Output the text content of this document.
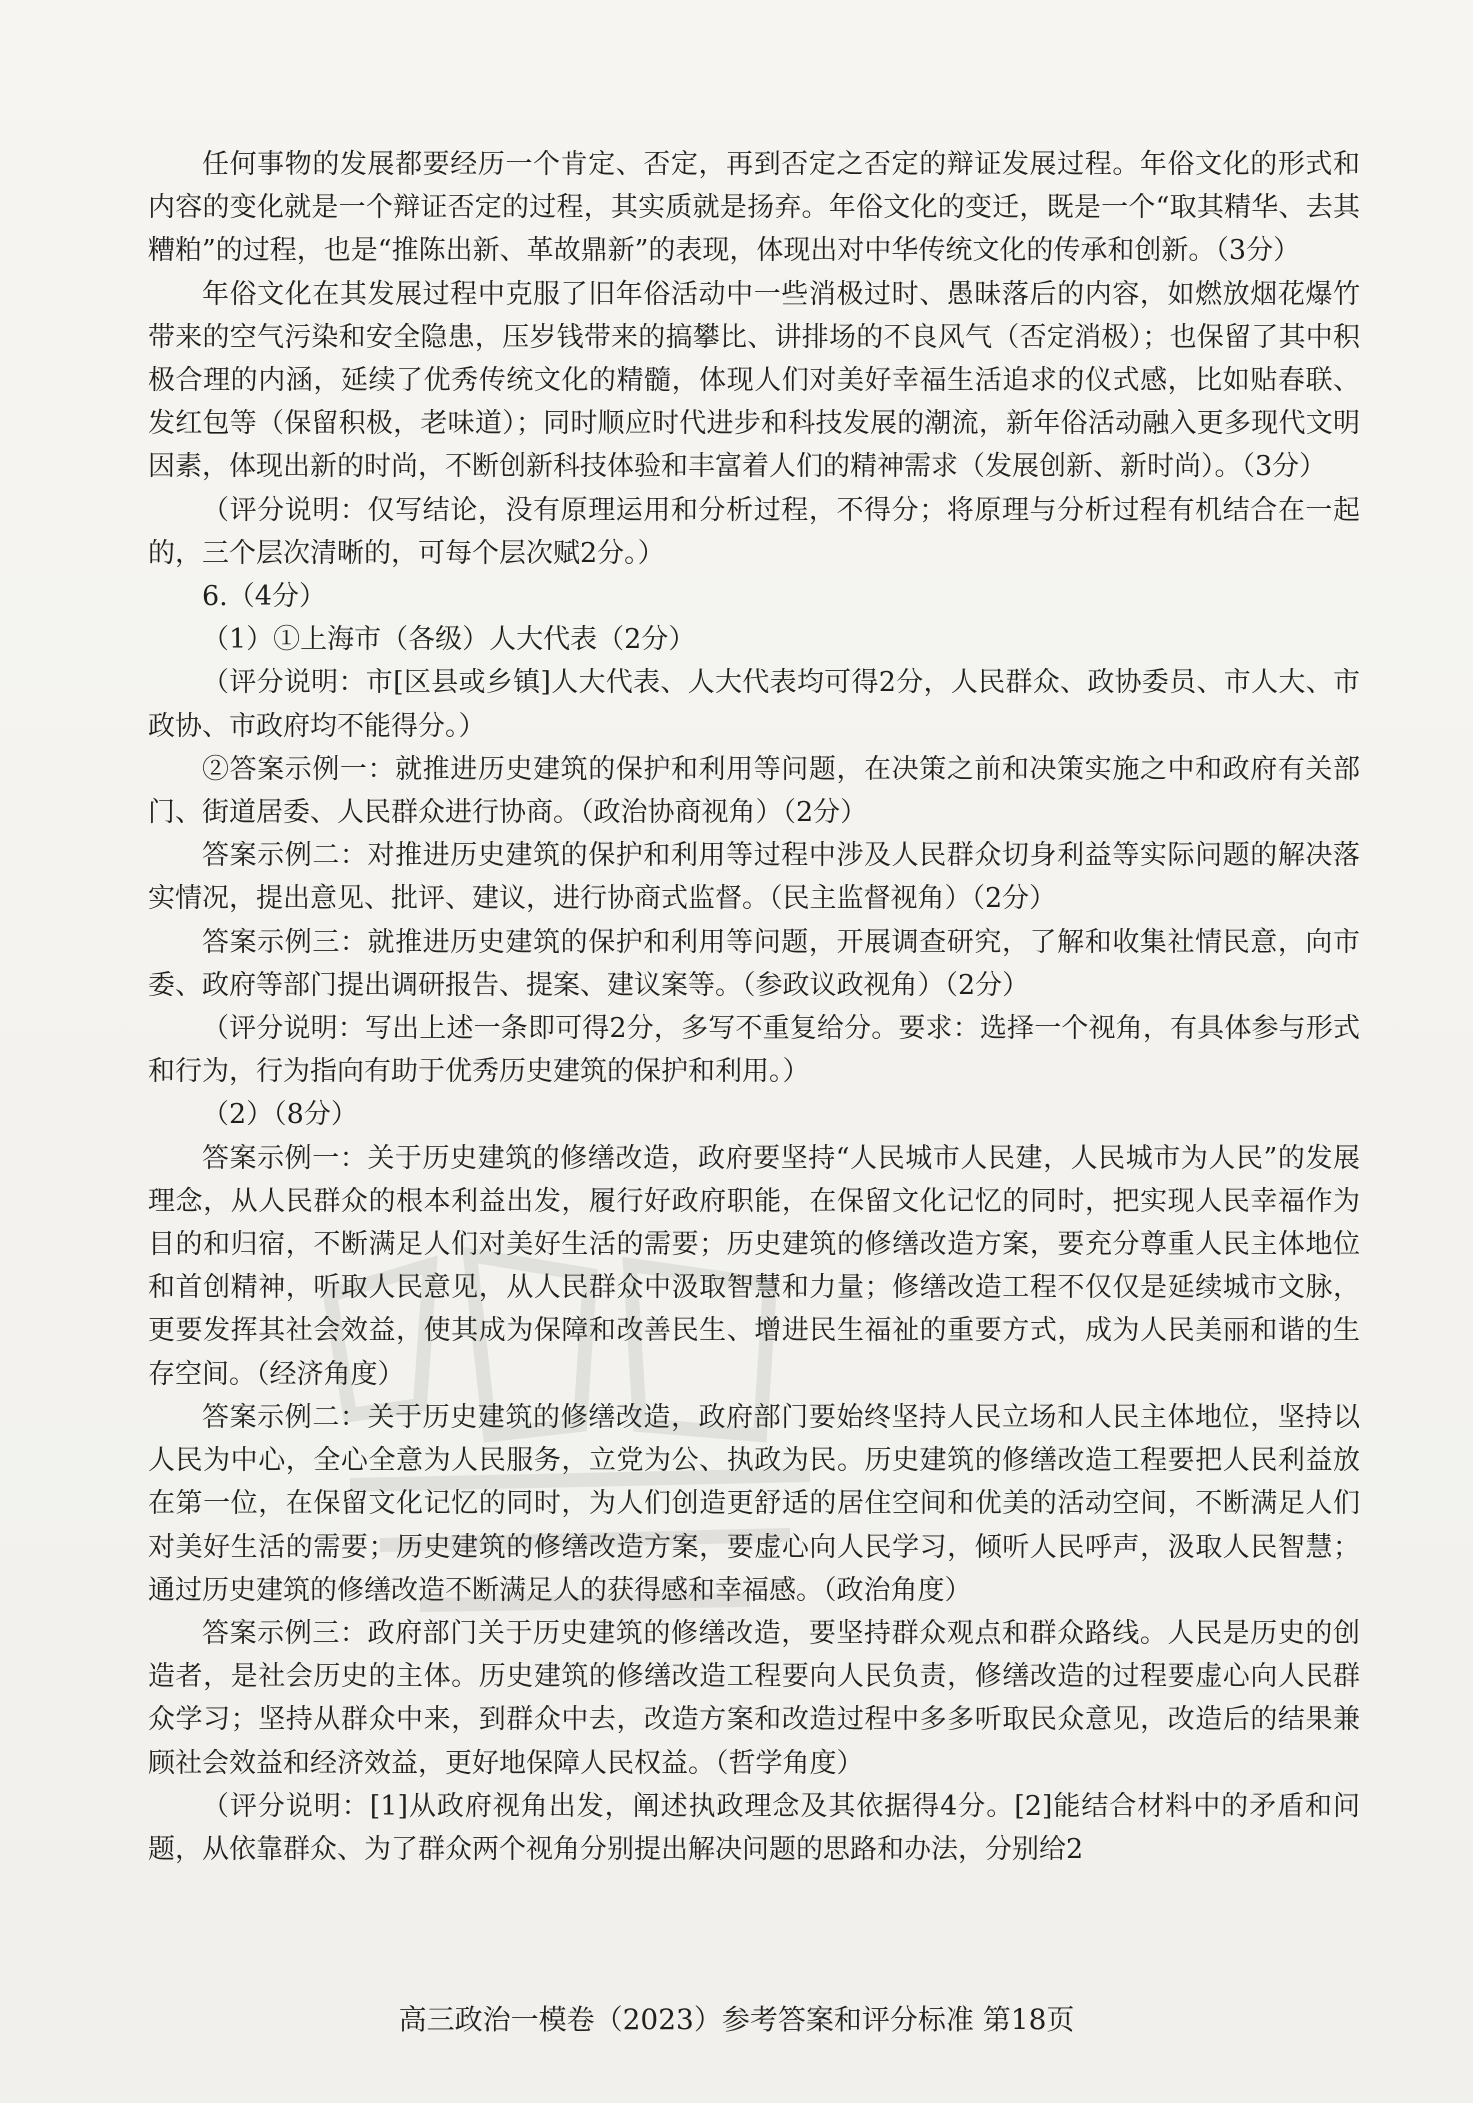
任何事物的发展都要经历一个肯定、否定，再到否定之否定的辩证发展过程。年俗文化的形式和内容的变化就是一个辩证否定的过程，其实质就是扬弃。年俗文化的变迁，既是一个“取其精华、去其糟粕”的过程，也是“推陈出新、革故鼎新”的表现，体现出对中华传统文化的传承和创新。（3分）

年俗文化在其发展过程中克服了旧年俗活动中一些消极过时、愚昧落后的内容，如燃放烟花爆竹带来的空气污染和安全隐患，压岁钱带来的搞攀比、讲排场的不良风气（否定消极）；也保留了其中积极合理的内涵，延续了优秀传统文化的精髓，体现人们对美好幸福生活追求的仪式感，比如贴春联、发红包等（保留积极，老味道）；同时顺应时代进步和科技发展的潮流，新年俗活动融入更多现代文明因素，体现出新的时尚，不断创新科技体验和丰富着人们的精神需求（发展创新、新时尚）。（3分）

（评分说明：仅写结论，没有原理运用和分析过程，不得分；将原理与分析过程有机结合在一起的，三个层次清晰的，可每个层次赋2分。）

6.（4分）

（1）①上海市（各级）人大代表（2分）

（评分说明：市[区县或乡镇]人大代表、人大代表均可得2分，人民群众、政协委员、市人大、市政协、市政府均不能得分。）

②答案示例一：就推进历史建筑的保护和利用等问题，在决策之前和决策实施之中和政府有关部门、街道居委、人民群众进行协商。（政治协商视角）（2分）

答案示例二：对推进历史建筑的保护和利用等过程中涉及人民群众切身利益等实际问题的解决落实情况，提出意见、批评、建议，进行协商式监督。（民主监督视角）（2分）

答案示例三：就推进历史建筑的保护和利用等问题，开展调查研究，了解和收集社情民意，向市委、政府等部门提出调研报告、提案、建议案等。（参政议政视角）（2分）

（评分说明：写出上述一条即可得2分，多写不重复给分。要求：选择一个视角，有具体参与形式和行为，行为指向有助于优秀历史建筑的保护和利用。）

（2）（8分）

答案示例一：关于历史建筑的修缮改造，政府要坚持“人民城市人民建，人民城市为人民”的发展理念，从人民群众的根本利益出发，履行好政府职能，在保留文化记忆的同时，把实现人民幸福作为目的和归宿，不断满足人们对美好生活的需要；历史建筑的修缮改造方案，要充分尊重人民主体地位和首创精神，听取人民意见，从人民群众中汲取智慧和力量；修缮改造工程不仅仅是延续城市文脉，更要发挥其社会效益，使其成为保障和改善民生、增进民生福祉的重要方式，成为人民美丽和谐的生存空间。（经济角度）

答案示例二：关于历史建筑的修缮改造，政府部门要始终坚持人民立场和人民主体地位，坚持以人民为中心，全心全意为人民服务，立党为公、执政为民。历史建筑的修缮改造工程要把人民利益放在第一位，在保留文化记忆的同时，为人们创造更舒适的居住空间和优美的活动空间，不断满足人们对美好生活的需要；历史建筑的修缮改造方案，要虚心向人民学习，倾听人民呼声，汲取人民智慧；通过历史建筑的修缮改造不断满足人的获得感和幸福感。（政治角度）

答案示例三：政府部门关于历史建筑的修缮改造，要坚持群众观点和群众路线。人民是历史的创造者，是社会历史的主体。历史建筑的修缮改造工程要向人民负责，修缮改造的过程要虚心向人民群众学习；坚持从群众中来，到群众中去，改造方案和改造过程中多多听取民众意见，改造后的结果兼顾社会效益和经济效益，更好地保障人民权益。（哲学角度）

（评分说明：[1]从政府视角出发，阐述执政理念及其依据得4分。[2]能结合材料中的矛盾和问题，从依靠群众、为了群众两个视角分别提出解决问题的思路和办法，分别给2

高三政治一模卷（2023）参考答案和评分标准 第18页
